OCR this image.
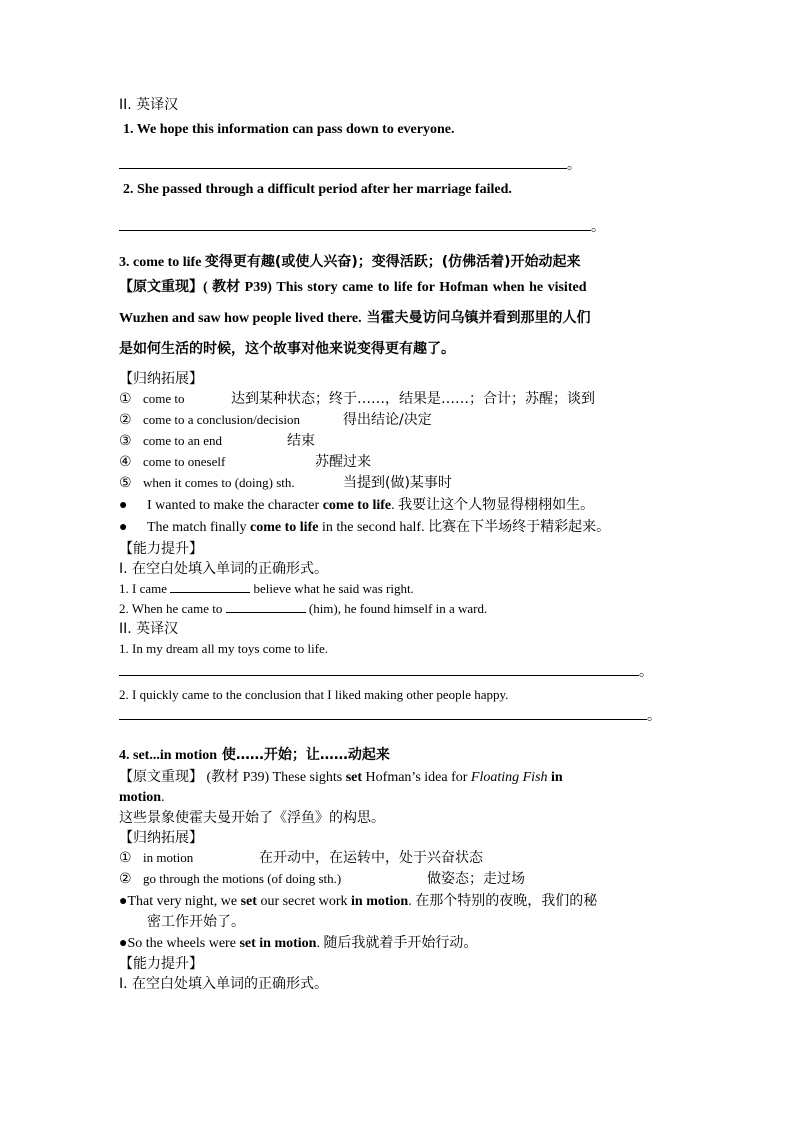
II. 英译汉
1. We hope this information can pass down to everyone.
。
2. She passed through a difficult period after her marriage failed.
。
3. come to life 变得更有趣(或使人兴奋)；变得活跃；(仿佛活着)开始动起来
【原文重现】( 教材 P39) This story came to life for Hofman when he visited
Wuzhen and saw how people lived there. 当霍夫曼访问乌镇并看到那里的人们
是如何生活的时候，这个故事对他来说变得更有趣了。
【归纳拓展】
① come to	达到某种状态；终于……，结果是……；合计；苏醒；谈到
② come to a conclusion/decision	得出结论/决定
③ come to an end	结束
④ come to oneself	苏醒过来
⑤ when it comes to (doing) sth.	当提到(做)某事时
● I wanted to make the character come to life. 我要让这个人物显得栩栩如生。
● The match finally come to life in the second half. 比赛在下半场终于精彩起来。
【能力提升】
I. 在空白处填入单词的正确形式。
1. I came	believe what he said was right.
2. When he came to	(him), he found himself in a ward.
II. 英译汉
1. In my dream all my toys come to life.
。
2. I quickly came to the conclusion that I liked making other people happy.
。
4. set...in motion 使……开始；让……动起来
【原文重现】 (教材 P39) These sights set Hofman’s idea for Floating Fish in
motion.
这些景象使霍夫曼开始了《浮鱼》的构思。
【归纳拓展】
① in motion	在开动中，在运转中，处于兴奋状态
② go through the motions (of doing sth.)	做姿态；走过场
●That very night, we set our secret work in motion. 在那个特别的夜晚，我们的秘
密工作开始了。
●So the wheels were set in motion. 随后我就着手开始行动。
【能力提升】
I. 在空白处填入单词的正确形式。
